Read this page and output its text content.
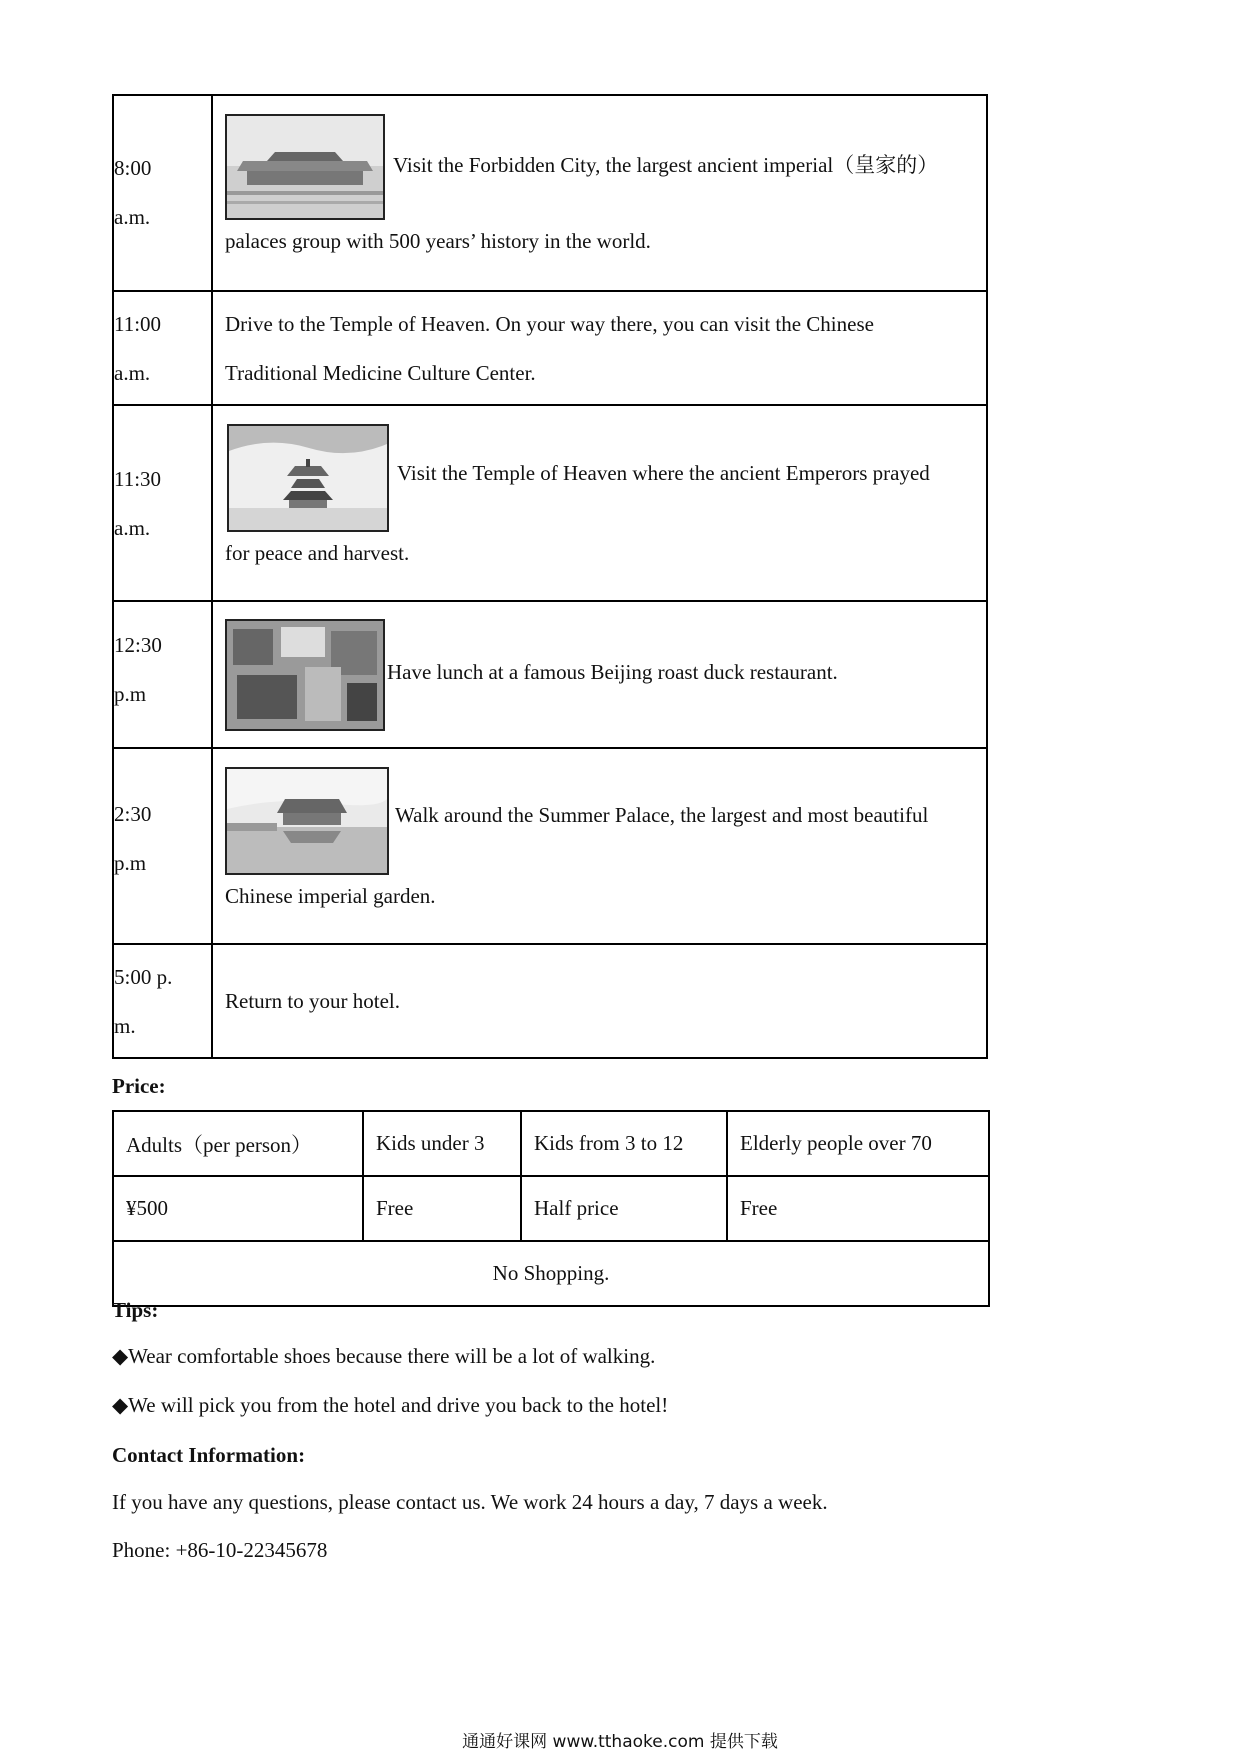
8:00
a.m.	Visit the Forbidden City, the largest ancient imperial（皇家的）
palaces group with 500 years’ history in the world.

11:00
a.m.	Drive to the Temple of Heaven. On your way there, you can visit the Chinese
Traditional Medicine Culture Center.

11:30
a.m.	Visit the Temple of Heaven where the ancient Emperors prayed
for peace and harvest.

12:30
p.m	Have lunch at a famous Beijing roast duck restaurant.

2:30
p.m	Walk around the Summer Palace, the largest and most beautiful
Chinese imperial garden.

5:00 p.
m.	Return to your hotel.

Price:

Adults（per person）	Kids under 3	Kids from 3 to 12	Elderly people over 70
¥500	Free	Half price	Free
No Shopping.			

Tips:

◆Wear comfortable shoes because there will be a lot of walking.

◆We will pick you from the hotel and drive you back to the hotel!

Contact Information:

If you have any questions, please contact us. We work 24 hours a day, 7 days a week.

Phone: +86-10-22345678

通通好课网 www.tthaoke.com 提供下载
